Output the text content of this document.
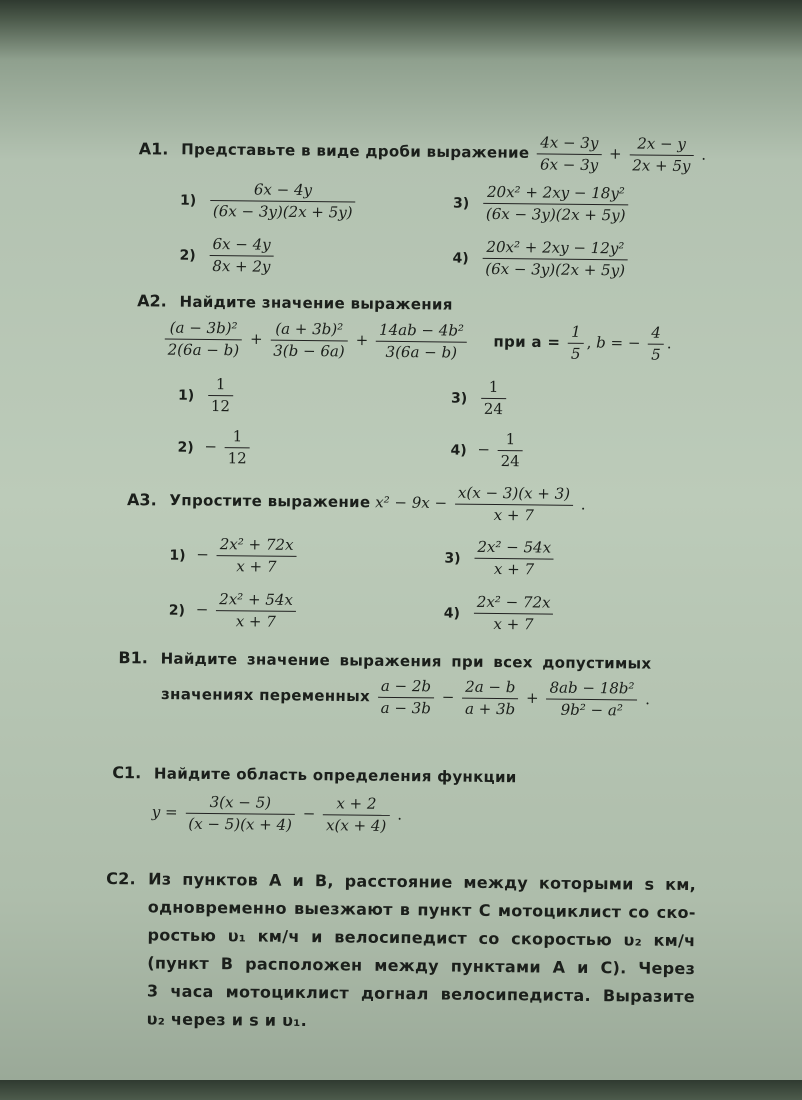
A1. Представьте в виде дроби выражение $\frac{4x - 3y}{6x - 3y} + \frac{2x - y}{2x + 5y}$ .
$1) \frac{6x - 4y}{(6x - 3y)(2x + 5y)}$
$2) \frac{6x - 4y}{8x + 2y}$
$3) \frac{\text{20x² + 2xy − 18y²}}{(6x - 3y)(2x + 5y)}$
$4) \frac{\text{20x² + 2xy − 12y²}}{(6x - 3y)(2x + 5y)}$
A2. Найдите значение выражения
$\frac{\text{(a − 3b)²}}{2(6a - b)} + \frac{\text{(a + 3b)²}}{3(b - 6a)} + \frac{\text{14ab − 4b²}}{3(6a - b)}$ при $a = \frac{1}{5}$ , b = − $\frac{4}{5}$ .
$1) \frac{1}{12}$
$2) - \frac{1}{12}$
$3) \frac{1}{24}$
$4) - \frac{1}{24}$
A3. Упростите выражение $x^2 - 9x - \frac{x(x - 3)(x + 3)}{x + 7}$ .
$1) - \frac{\text{2x² + 72x}}{x + 7}$
$2) - \frac{\text{2x² + 54x}}{x + 7}$
$3) \frac{\text{2x² − 54x}}{x + 7}$
$4) \frac{\text{2x² − 72x}}{x + 7}$
B1. Найдите значение выражения при всех допустимых
значениях переменных $\frac{a - 2b}{a - 3b} - \frac{2a - b}{a + 3b} + \frac{\text{8ab − 18b²}}{\text{9b² − a²}}$ .
C1. Найдите область определения функции
$y = \frac{3(x - 5)}{(x - 5)(x + 4)} - \frac{x + 2}{x(x + 4)}$ .
C2. Из пунктов А и В, расстояние между которыми s км,
одновременно выезжают в пункт С мотоциклист со ско-
ростью υ₁ км/ч и велосипедист со скоростью υ₂ км/ч
(пункт В расположен между пунктами А и С). Через
3 часа мотоциклист догнал велосипедиста. Выразите
υ₂ через и s и υ₁.
